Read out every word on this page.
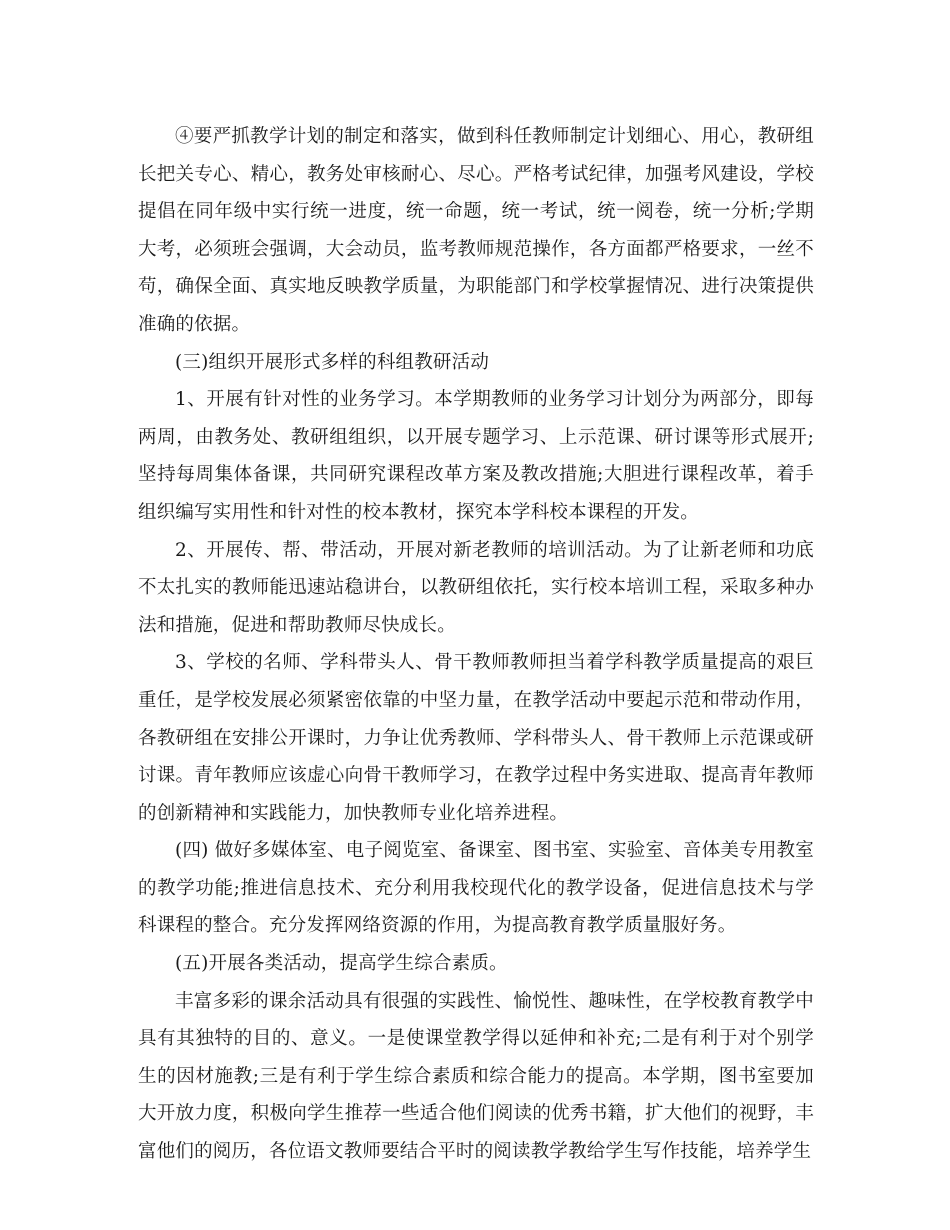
④要严抓教学计划的制定和落实，做到科任教师制定计划细心、用心，教研组长把关专心、精心，教务处审核耐心、尽心。严格考试纪律，加强考风建设，学校提倡在同年级中实行统一进度，统一命题，统一考试，统一阅卷，统一分析;学期大考，必须班会强调，大会动员，监考教师规范操作，各方面都严格要求，一丝不苟，确保全面、真实地反映教学质量，为职能部门和学校掌握情况、进行决策提供准确的依据。

(三)组织开展形式多样的科组教研活动

1、开展有针对性的业务学习。本学期教师的业务学习计划分为两部分，即每两周，由教务处、教研组组织，以开展专题学习、上示范课、研讨课等形式展开;坚持每周集体备课，共同研究课程改革方案及教改措施;大胆进行课程改革，着手组织编写实用性和针对性的校本教材，探究本学科校本课程的开发。

2、开展传、帮、带活动，开展对新老教师的培训活动。为了让新老师和功底不太扎实的教师能迅速站稳讲台，以教研组依托，实行校本培训工程，采取多种办法和措施，促进和帮助教师尽快成长。

3、学校的名师、学科带头人、骨干教师教师担当着学科教学质量提高的艰巨重任，是学校发展必须紧密依靠的中坚力量，在教学活动中要起示范和带动作用，各教研组在安排公开课时，力争让优秀教师、学科带头人、骨干教师上示范课或研讨课。青年教师应该虚心向骨干教师学习，在教学过程中务实进取、提高青年教师的创新精神和实践能力，加快教师专业化培养进程。

(四) 做好多媒体室、电子阅览室、备课室、图书室、实验室、音体美专用教室的教学功能;推进信息技术、充分利用我校现代化的教学设备，促进信息技术与学科课程的整合。充分发挥网络资源的作用，为提高教育教学质量服好务。

(五)开展各类活动，提高学生综合素质。

丰富多彩的课余活动具有很强的实践性、愉悦性、趣味性，在学校教育教学中具有其独特的目的、意义。一是使课堂教学得以延伸和补充;二是有利于对个别学生的因材施教;三是有利于学生综合素质和综合能力的提高。本学期，图书室要加大开放力度，积极向学生推荐一些适合他们阅读的优秀书籍，扩大他们的视野，丰富他们的阅历，各位语文教师要结合平时的阅读教学教给学生写作技能，培养学生
